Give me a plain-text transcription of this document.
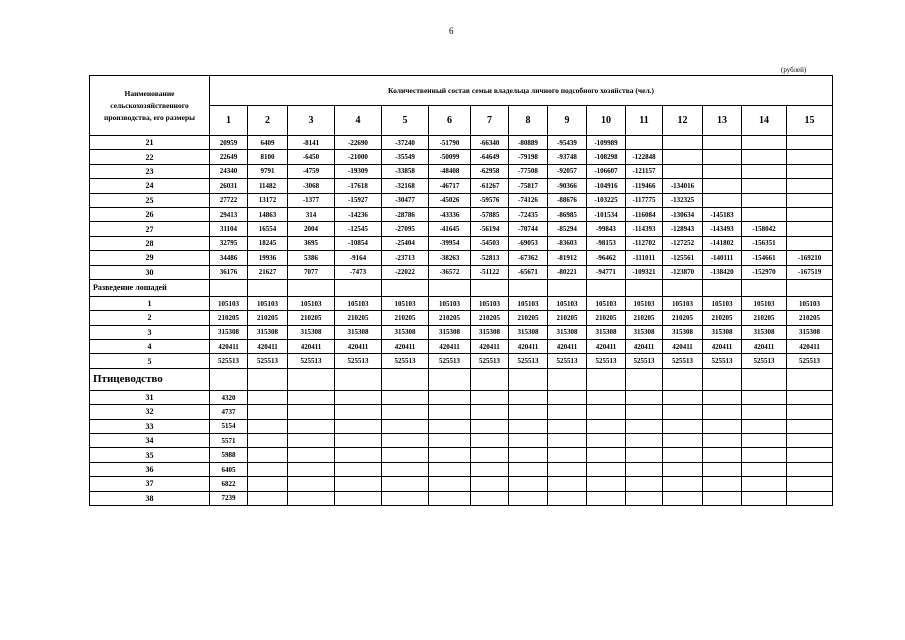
6
(рублей)
Наименование сельскохозяйственного производства, его размеры	Количественный состав семьи владельца личного подсобного хозяйства (чел.)														
	1	2	3	4	5	6	7	8	9	10	11	12	13	14	15
21	20959	6409	-8141	-22690	-37240	-51790	-66340	-80889	-95439	-109989					
22	22649	8100	-6450	-21000	-35549	-50099	-64649	-79198	-93748	-108298	-122848				
23	24340	9791	-4759	-19309	-33858	-48408	-62958	-77508	-92057	-106607	-121157				
24	26031	11482	-3068	-17618	-32168	-46717	-61267	-75817	-90366	-104916	-119466	-134016			
25	27722	13172	-1377	-15927	-30477	-45026	-59576	-74126	-88676	-103225	-117775	-132325			
26	29413	14863	314	-14236	-28786	-43336	-57885	-72435	-86985	-101534	-116084	-130634	-145183		
27	31104	16554	2004	-12545	-27095	-41645	-56194	-70744	-85294	-99843	-114393	-128943	-143493	-158042	
28	32795	18245	3695	-10854	-25404	-39954	-54503	-69053	-83603	-98153	-112702	-127252	-141802	-156351	
29	34486	19936	5386	-9164	-23713	-38263	-52813	-67362	-81912	-96462	-111011	-125561	-140111	-154661	-169210
30	36176	21627	7077	-7473	-22022	-36572	-51122	-65671	-80221	-94771	-109321	-123870	-138420	-152970	-167519
Разведение лошадей															
1	105103	105103	105103	105103	105103	105103	105103	105103	105103	105103	105103	105103	105103	105103	105103
2	210205	210205	210205	210205	210205	210205	210205	210205	210205	210205	210205	210205	210205	210205	210205
3	315308	315308	315308	315308	315308	315308	315308	315308	315308	315308	315308	315308	315308	315308	315308
4	420411	420411	420411	420411	420411	420411	420411	420411	420411	420411	420411	420411	420411	420411	420411
5	525513	525513	525513	525513	525513	525513	525513	525513	525513	525513	525513	525513	525513	525513	525513
Птицеводство															
31	4320														
32	4737														
33	5154														
34	5571														
35	5988														
36	6405														
37	6822														
38	7239														
